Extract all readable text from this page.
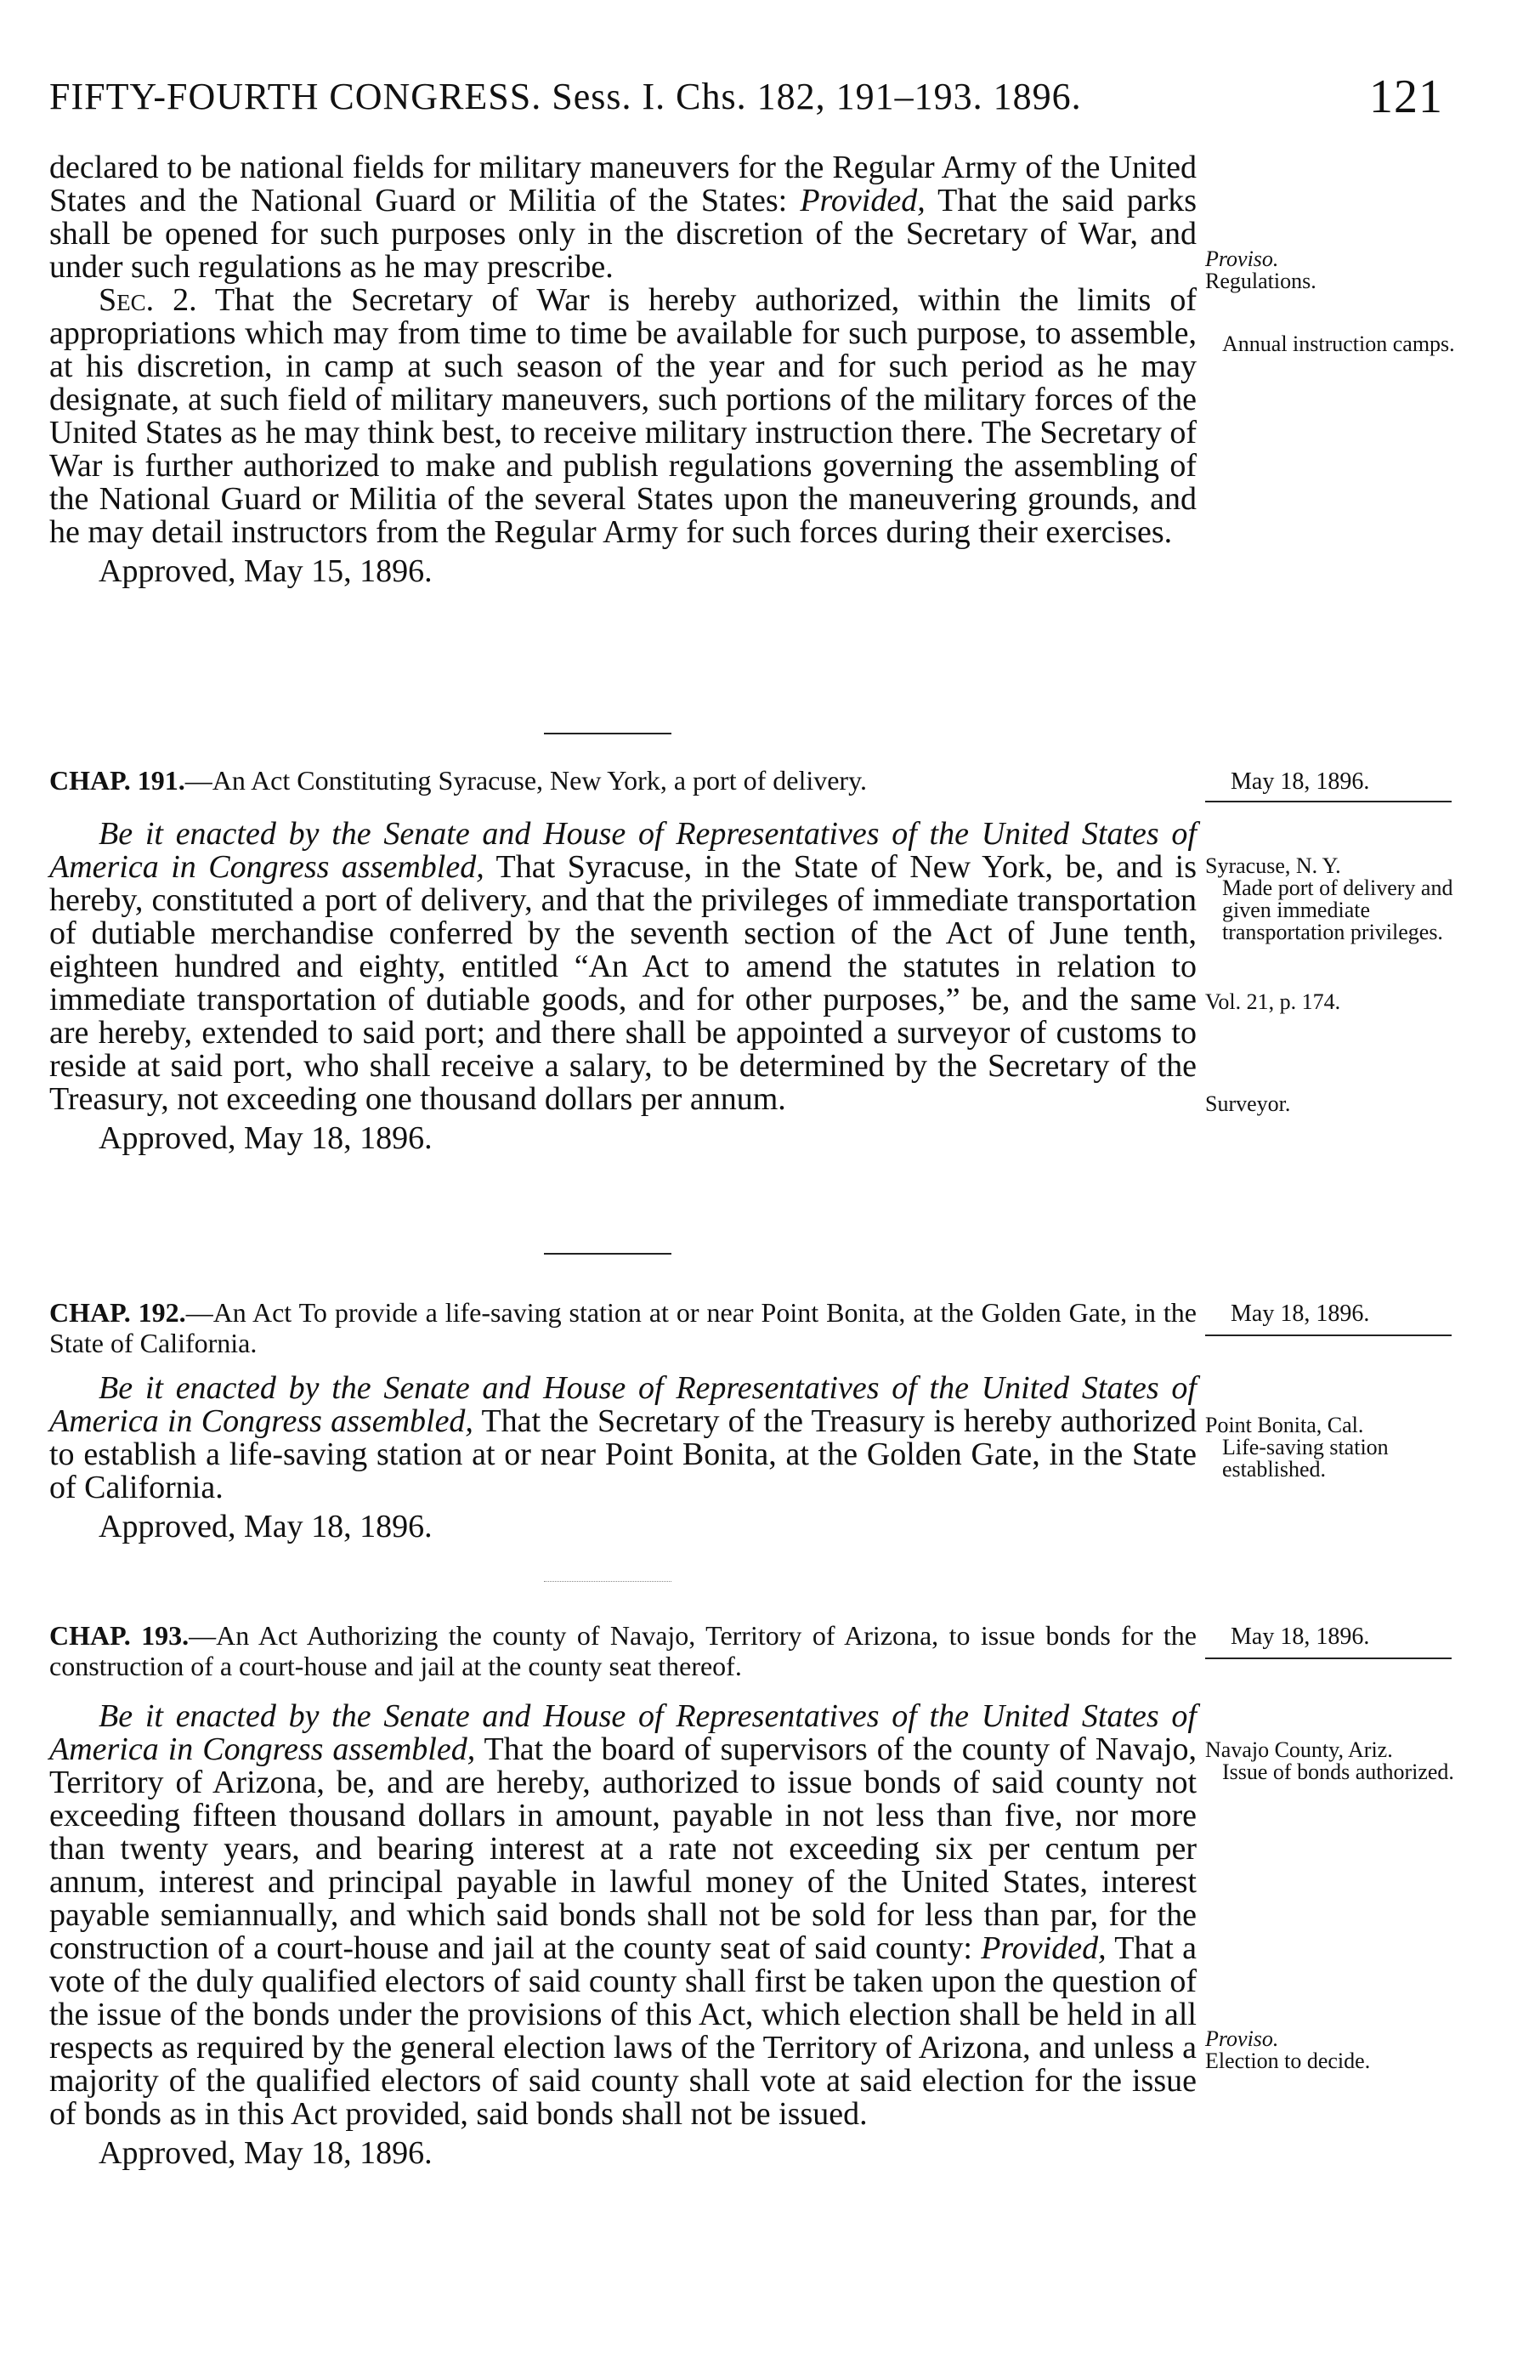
FIFTY-FOURTH CONGRESS. Sess. I. Chs. 182, 191–193. 1896.	121

declared to be national fields for military maneuvers for the Regular Army of the United States and the National Guard or Militia of the States: Provided, That the said parks shall be opened for such purposes only in the discretion of the Secretary of War, and under such regulations as he may prescribe.

Sec. 2. That the Secretary of War is hereby authorized, within the limits of appropriations which may from time to time be available for such purpose, to assemble, at his discretion, in camp at such season of the year and for such period as he may designate, at such field of military maneuvers, such portions of the military forces of the United States as he may think best, to receive military instruction there. The Secretary of War is further authorized to make and publish regulations governing the assembling of the National Guard or Militia of the several States upon the maneuvering grounds, and he may detail instructors from the Regular Army for such forces during their exercises.

Approved, May 15, 1896.
Proviso.
Regulations.
Annual instruction camps.
CHAP. 191.—An Act Constituting Syracuse, New York, a port of delivery.	May 18, 1896.

Be it enacted by the Senate and House of Representatives of the United States of America in Congress assembled, That Syracuse, in the State of New York, be, and is hereby, constituted a port of delivery, and that the privileges of immediate transportation of dutiable merchandise conferred by the seventh section of the Act of June tenth, eighteen hundred and eighty, entitled “An Act to amend the statutes in relation to immediate transportation of dutiable goods, and for other purposes,” be, and the same are hereby, extended to said port; and there shall be appointed a surveyor of customs to reside at said port, who shall receive a salary, to be determined by the Secretary of the Treasury, not exceeding one thousand dollars per annum.

Approved, May 18, 1896.
Syracuse, N. Y.
Made port of delivery and given immediate transportation privileges.
Vol. 21, p. 174.
Surveyor.
CHAP. 192.—An Act To provide a life-saving station at or near Point Bonita, at the Golden Gate, in the State of California.
May 18, 1896.

Be it enacted by the Senate and House of Representatives of the United States of America in Congress assembled, That the Secretary of the Treasury is hereby authorized to establish a life-saving station at or near Point Bonita, at the Golden Gate, in the State of California.

Approved, May 18, 1896.
Point Bonita, Cal.
Life-saving station established.
CHAP. 193.—An Act Authorizing the county of Navajo, Territory of Arizona, to issue bonds for the construction of a court-house and jail at the county seat thereof.
May 18, 1896.

Be it enacted by the Senate and House of Representatives of the United States of America in Congress assembled, That the board of supervisors of the county of Navajo, Territory of Arizona, be, and are hereby, authorized to issue bonds of said county not exceeding fifteen thousand dollars in amount, payable in not less than five, nor more than twenty years, and bearing interest at a rate not exceeding six per centum per annum, interest and principal payable in lawful money of the United States, interest payable semiannually, and which said bonds shall not be sold for less than par, for the construction of a court-house and jail at the county seat of said county: Provided, That a vote of the duly qualified electors of said county shall first be taken upon the question of the issue of the bonds under the provisions of this Act, which election shall be held in all respects as required by the general election laws of the Territory of Arizona, and unless a majority of the qualified electors of said county shall vote at said election for the issue of bonds as in this Act provided, said bonds shall not be issued.

Approved, May 18, 1896.
Navajo County, Ariz.
Issue of bonds authorized.
Proviso.
Election to decide.
